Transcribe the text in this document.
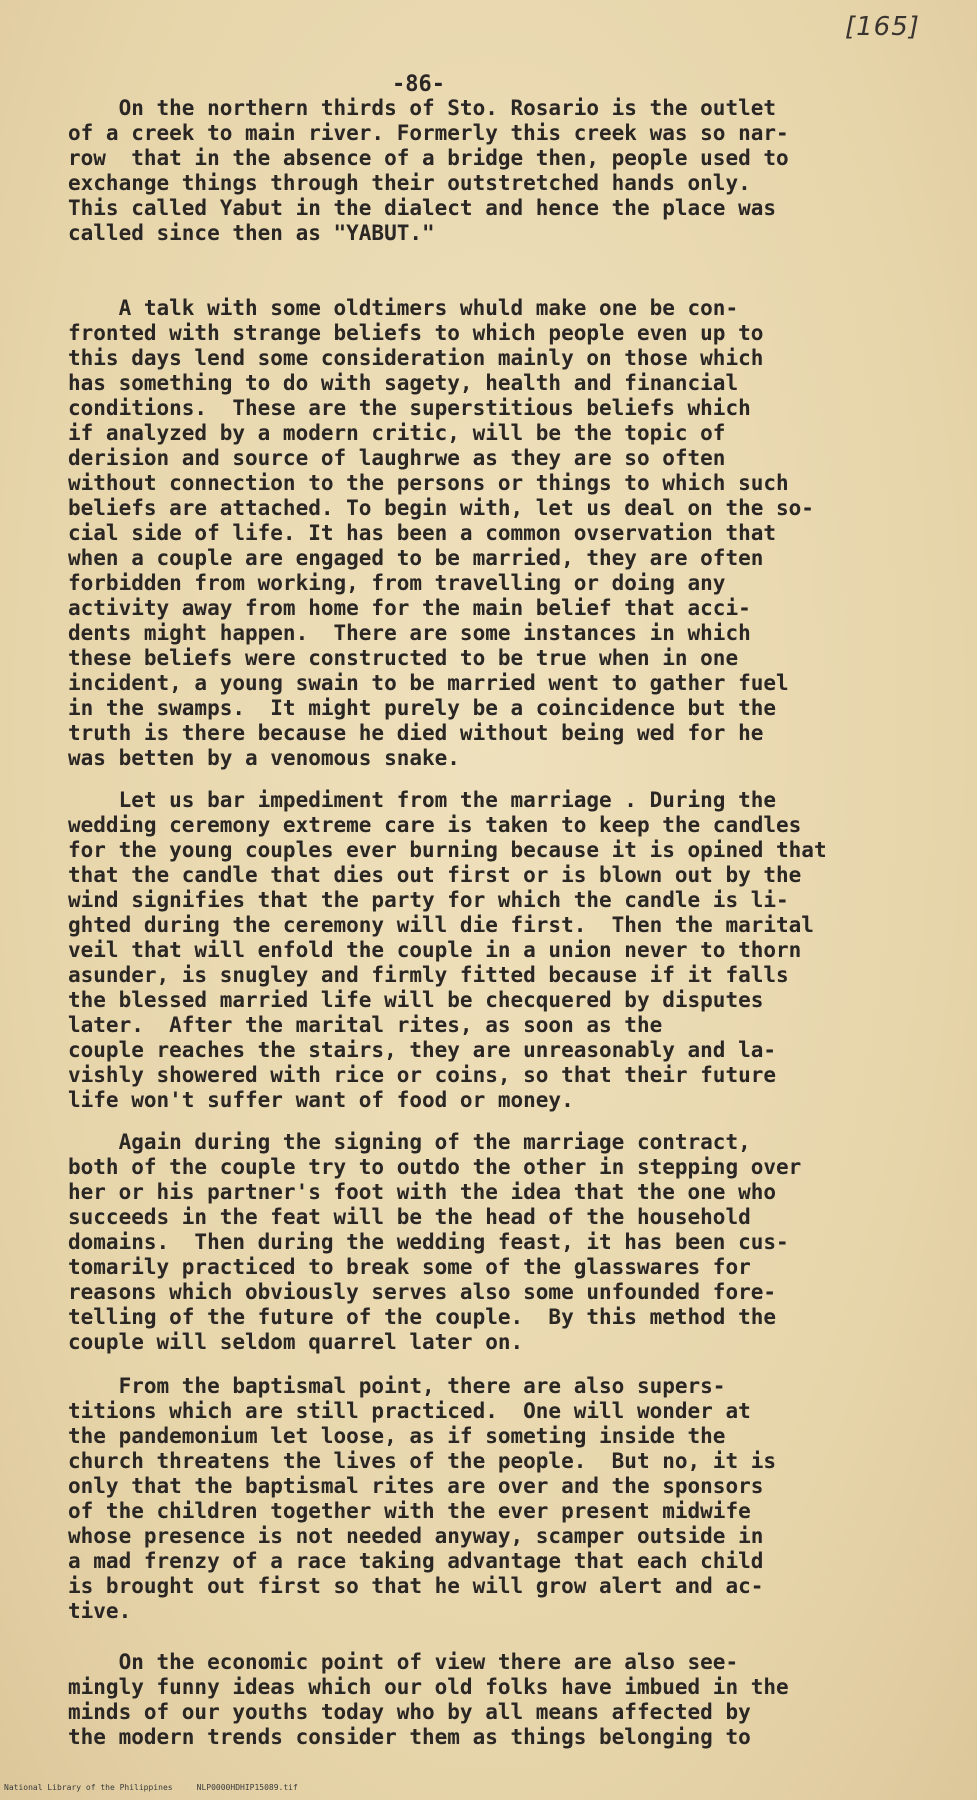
[165]
-86-
On the northern thirds of Sto. Rosario is the outlet
of a creek to main river. Formerly this creek was so nar-
row  that in the absence of a bridge then, people used to
exchange things through their outstretched hands only.
This called Yabut in the dialect and hence the place was
called since then as "YABUT."
A talk with some oldtimers whuld make one be con-
fronted with strange beliefs to which people even up to
this days lend some consideration mainly on those which
has something to do with sagety, health and financial
conditions.  These are the superstitious beliefs which
if analyzed by a modern critic, will be the topic of
derision and source of laughrwe as they are so often
without connection to the persons or things to which such
beliefs are attached. To begin with, let us deal on the so-
cial side of life. It has been a common ovservation that
when a couple are engaged to be married, they are often
forbidden from working, from travelling or doing any
activity away from home for the main belief that acci-
dents might happen.  There are some instances in which
these beliefs were constructed to be true when in one
incident, a young swain to be married went to gather fuel
in the swamps.  It might purely be a coincidence but the
truth is there because he died without being wed for he
was betten by a venomous snake.
Let us bar impediment from the marriage . During the
wedding ceremony extreme care is taken to keep the candles
for the young couples ever burning because it is opined that
that the candle that dies out first or is blown out by the
wind signifies that the party for which the candle is li-
ghted during the ceremony will die first.  Then the marital
veil that will enfold the couple in a union never to thorn
asunder, is snugley and firmly fitted because if it falls
the blessed married life will be checquered by disputes
later.  After the marital rites, as soon as the
couple reaches the stairs, they are unreasonably and la-
vishly showered with rice or coins, so that their future
life won't suffer want of food or money.
Again during the signing of the marriage contract,
both of the couple try to outdo the other in stepping over
her or his partner's foot with the idea that the one who
succeeds in the feat will be the head of the household
domains.  Then during the wedding feast, it has been cus-
tomarily practiced to break some of the glasswares for
reasons which obviously serves also some unfounded fore-
telling of the future of the couple.  By this method the
couple will seldom quarrel later on.
From the baptismal point, there are also supers-
titions which are still practiced.  One will wonder at
the pandemonium let loose, as if someting inside the
church threatens the lives of the people.  But no, it is
only that the baptismal rites are over and the sponsors
of the children together with the ever present midwife
whose presence is not needed anyway, scamper outside in
a mad frenzy of a race taking advantage that each child
is brought out first so that he will grow alert and ac-
tive.
On the economic point of view there are also see-
mingly funny ideas which our old folks have imbued in the
minds of our youths today who by all means affected by
the modern trends consider them as things belonging to
National Library of the Philippines     NLP0000HDHIP15089.tif
